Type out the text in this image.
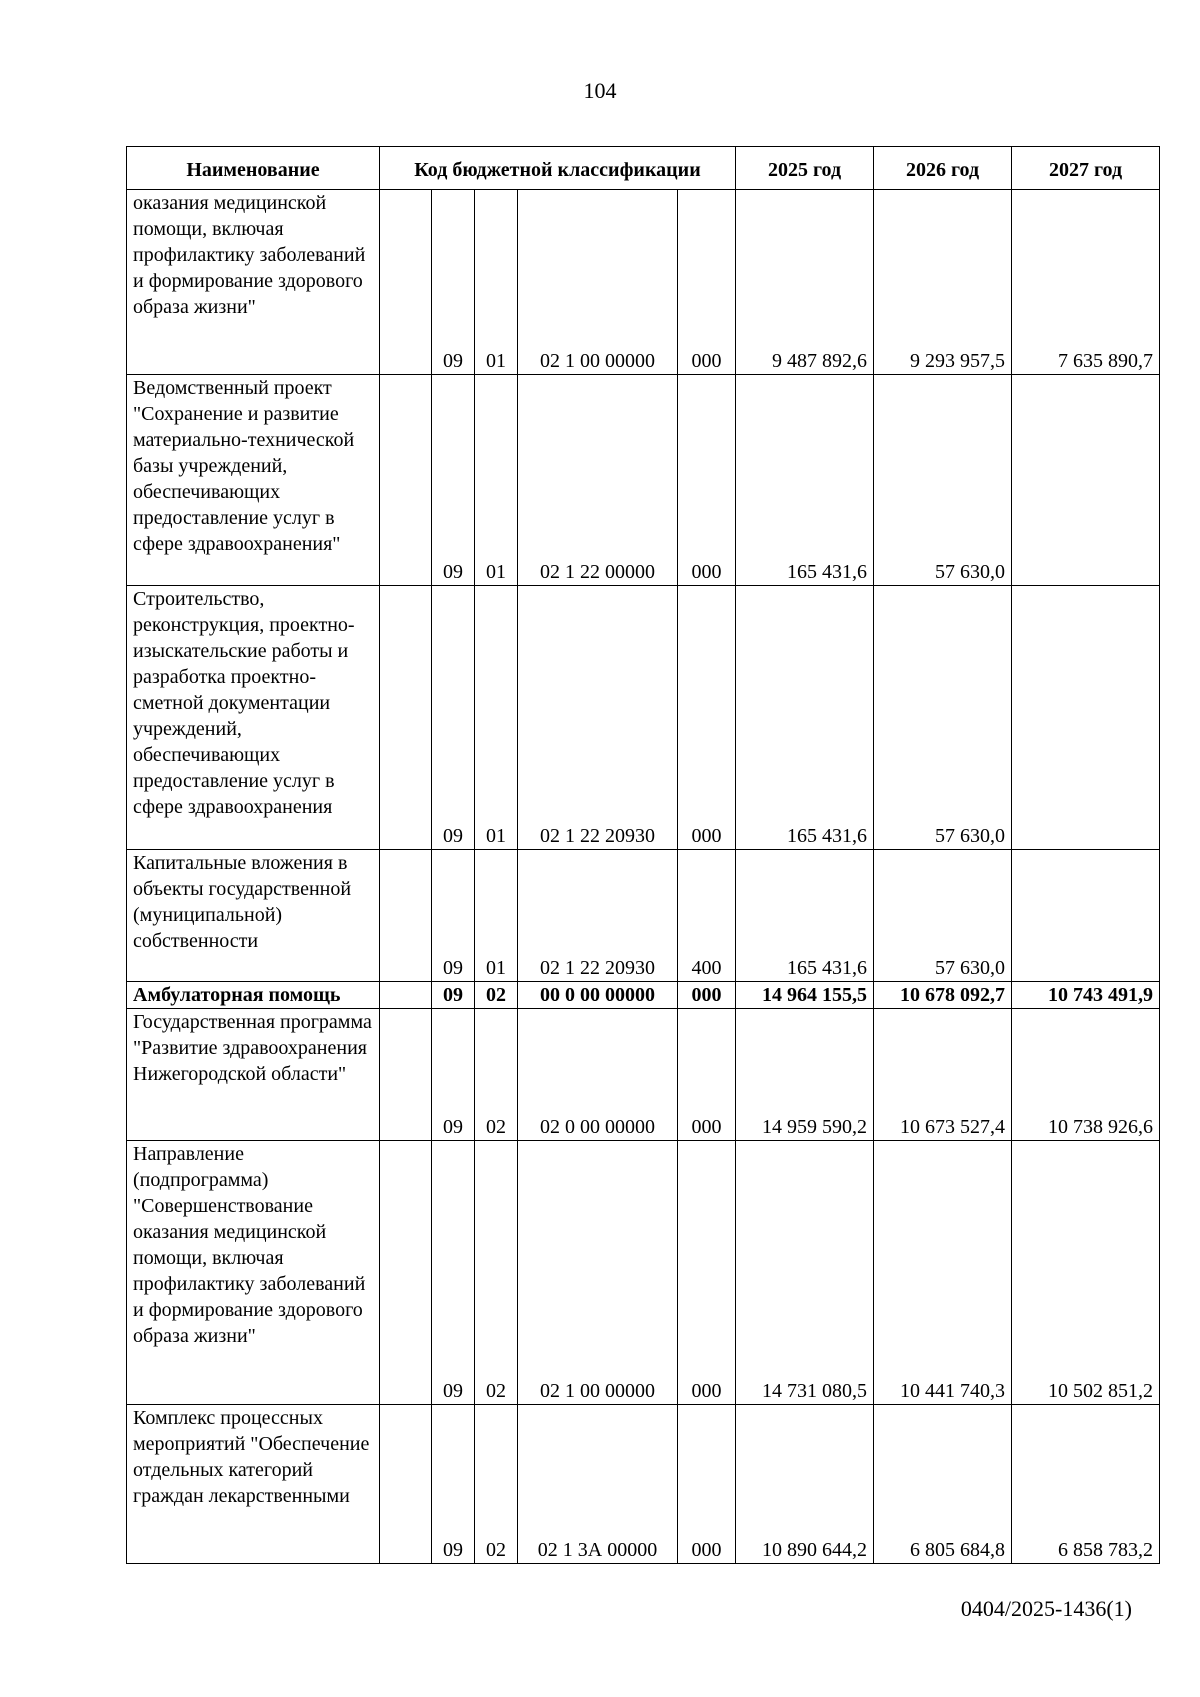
104
Наименование	Код бюджетной классификации					2025 год	2026 год	2027 год
оказания медицинской помощи, включая профилактику заболеваний и формирование здорового образа жизни"		09	01	02 1 00 00000	000	9 487 892,6	9 293 957,5	7 635 890,7
Ведомственный проект "Сохранение и развитие материально-технической базы учреждений, обеспечивающих предоставление услуг в сфере здравоохранения"		09	01	02 1 22 00000	000	165 431,6	57 630,0	
Строительство, реконструкция, проектно-изыскательские работы и разработка проектно-сметной документации учреждений, обеспечивающих предоставление услуг в сфере здравоохранения		09	01	02 1 22 20930	000	165 431,6	57 630,0	
Капитальные вложения в объекты государственной (муниципальной) собственности		09	01	02 1 22 20930	400	165 431,6	57 630,0	
Амбулаторная помощь		09	02	00 0 00 00000	000	14 964 155,5	10 678 092,7	10 743 491,9
Государственная программа "Развитие здравоохранения Нижегородской области"		09	02	02 0 00 00000	000	14 959 590,2	10 673 527,4	10 738 926,6
Направление (подпрограмма) "Совершенствование оказания медицинской помощи, включая профилактику заболеваний и формирование здорового образа жизни"		09	02	02 1 00 00000	000	14 731 080,5	10 441 740,3	10 502 851,2
Комплекс процессных мероприятий "Обеспечение отдельных категорий граждан лекарственными		09	02	02 1 3А 00000	000	10 890 644,2	6 805 684,8	6 858 783,2
0404/2025-1436(1)
